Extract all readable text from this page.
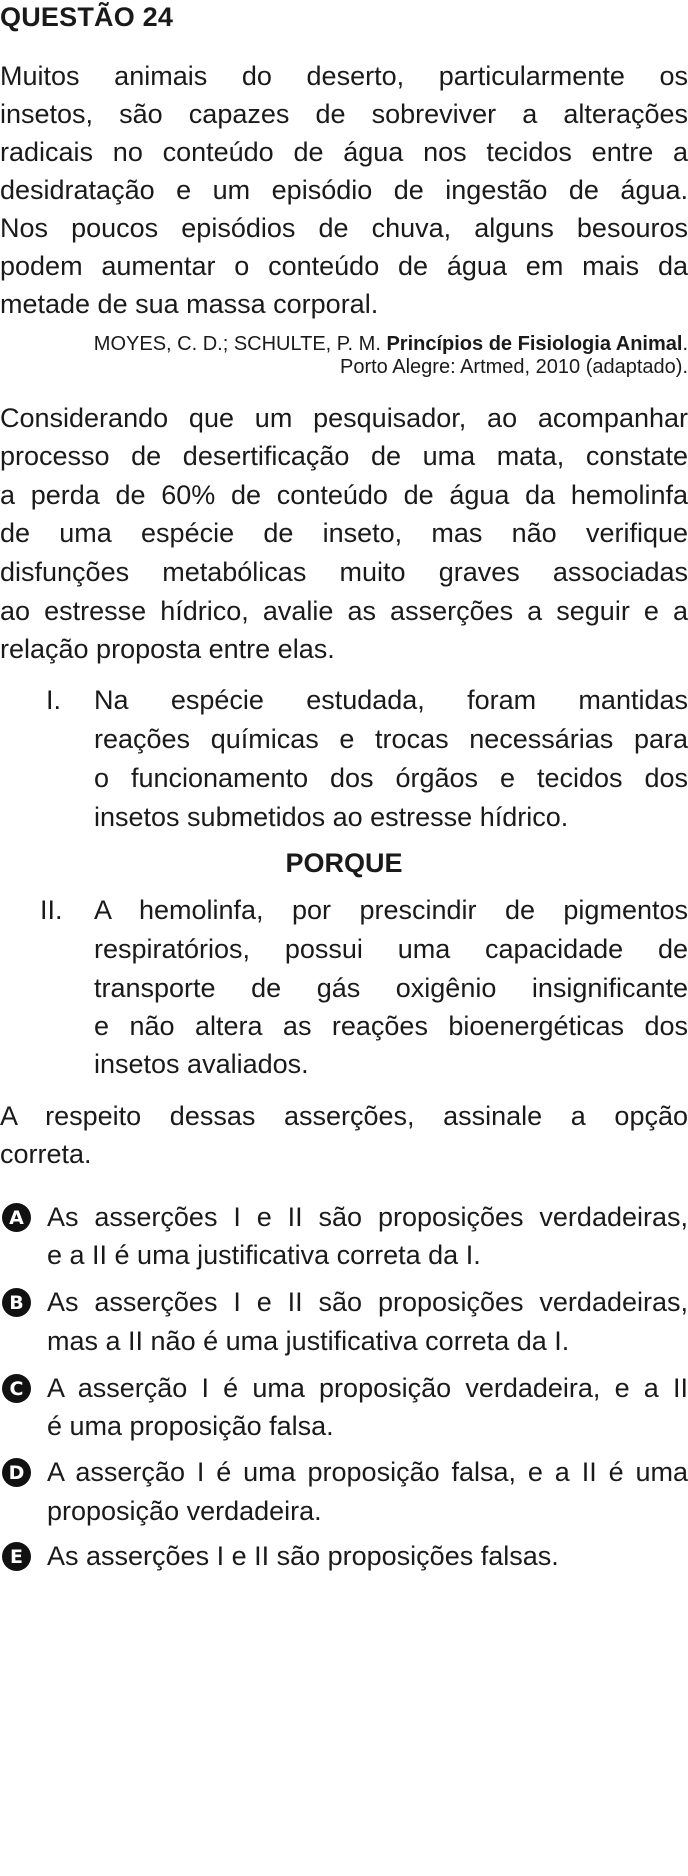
QUESTÃO 24
Muitos animais do deserto, particularmente os
insetos, são capazes de sobreviver a alterações
radicais no conteúdo de água nos tecidos entre a
desidratação e um episódio de ingestão de água.
Nos poucos episódios de chuva, alguns besouros
podem aumentar o conteúdo de água em mais da
metade de sua massa corporal.
MOYES, C. D.; SCHULTE, P. M. Princípios de Fisiologia Animal.
Porto Alegre: Artmed, 2010 (adaptado).
Considerando que um pesquisador, ao acompanhar
processo de desertificação de uma mata, constate
a perda de 60% de conteúdo de água da hemolinfa
de uma espécie de inseto, mas não verifique
disfunções metabólicas muito graves associadas
ao estresse hídrico, avalie as asserções a seguir e a
relação proposta entre elas.
I. Na espécie estudada, foram mantidas
reações químicas e trocas necessárias para
o funcionamento dos órgãos e tecidos dos
insetos submetidos ao estresse hídrico.
PORQUE
II. A hemolinfa, por prescindir de pigmentos
respiratórios, possui uma capacidade de
transporte de gás oxigênio insignificante
e não altera as reações bioenergéticas dos
insetos avaliados.
A respeito dessas asserções, assinale a opção
correta.
A As asserções I e II são proposições verdadeiras,
e a II é uma justificativa correta da I.
B As asserções I e II são proposições verdadeiras,
mas a II não é uma justificativa correta da I.
C A asserção I é uma proposição verdadeira, e a II
é uma proposição falsa.
D A asserção I é uma proposição falsa, e a II é uma
proposição verdadeira.
E As asserções I e II são proposições falsas.
